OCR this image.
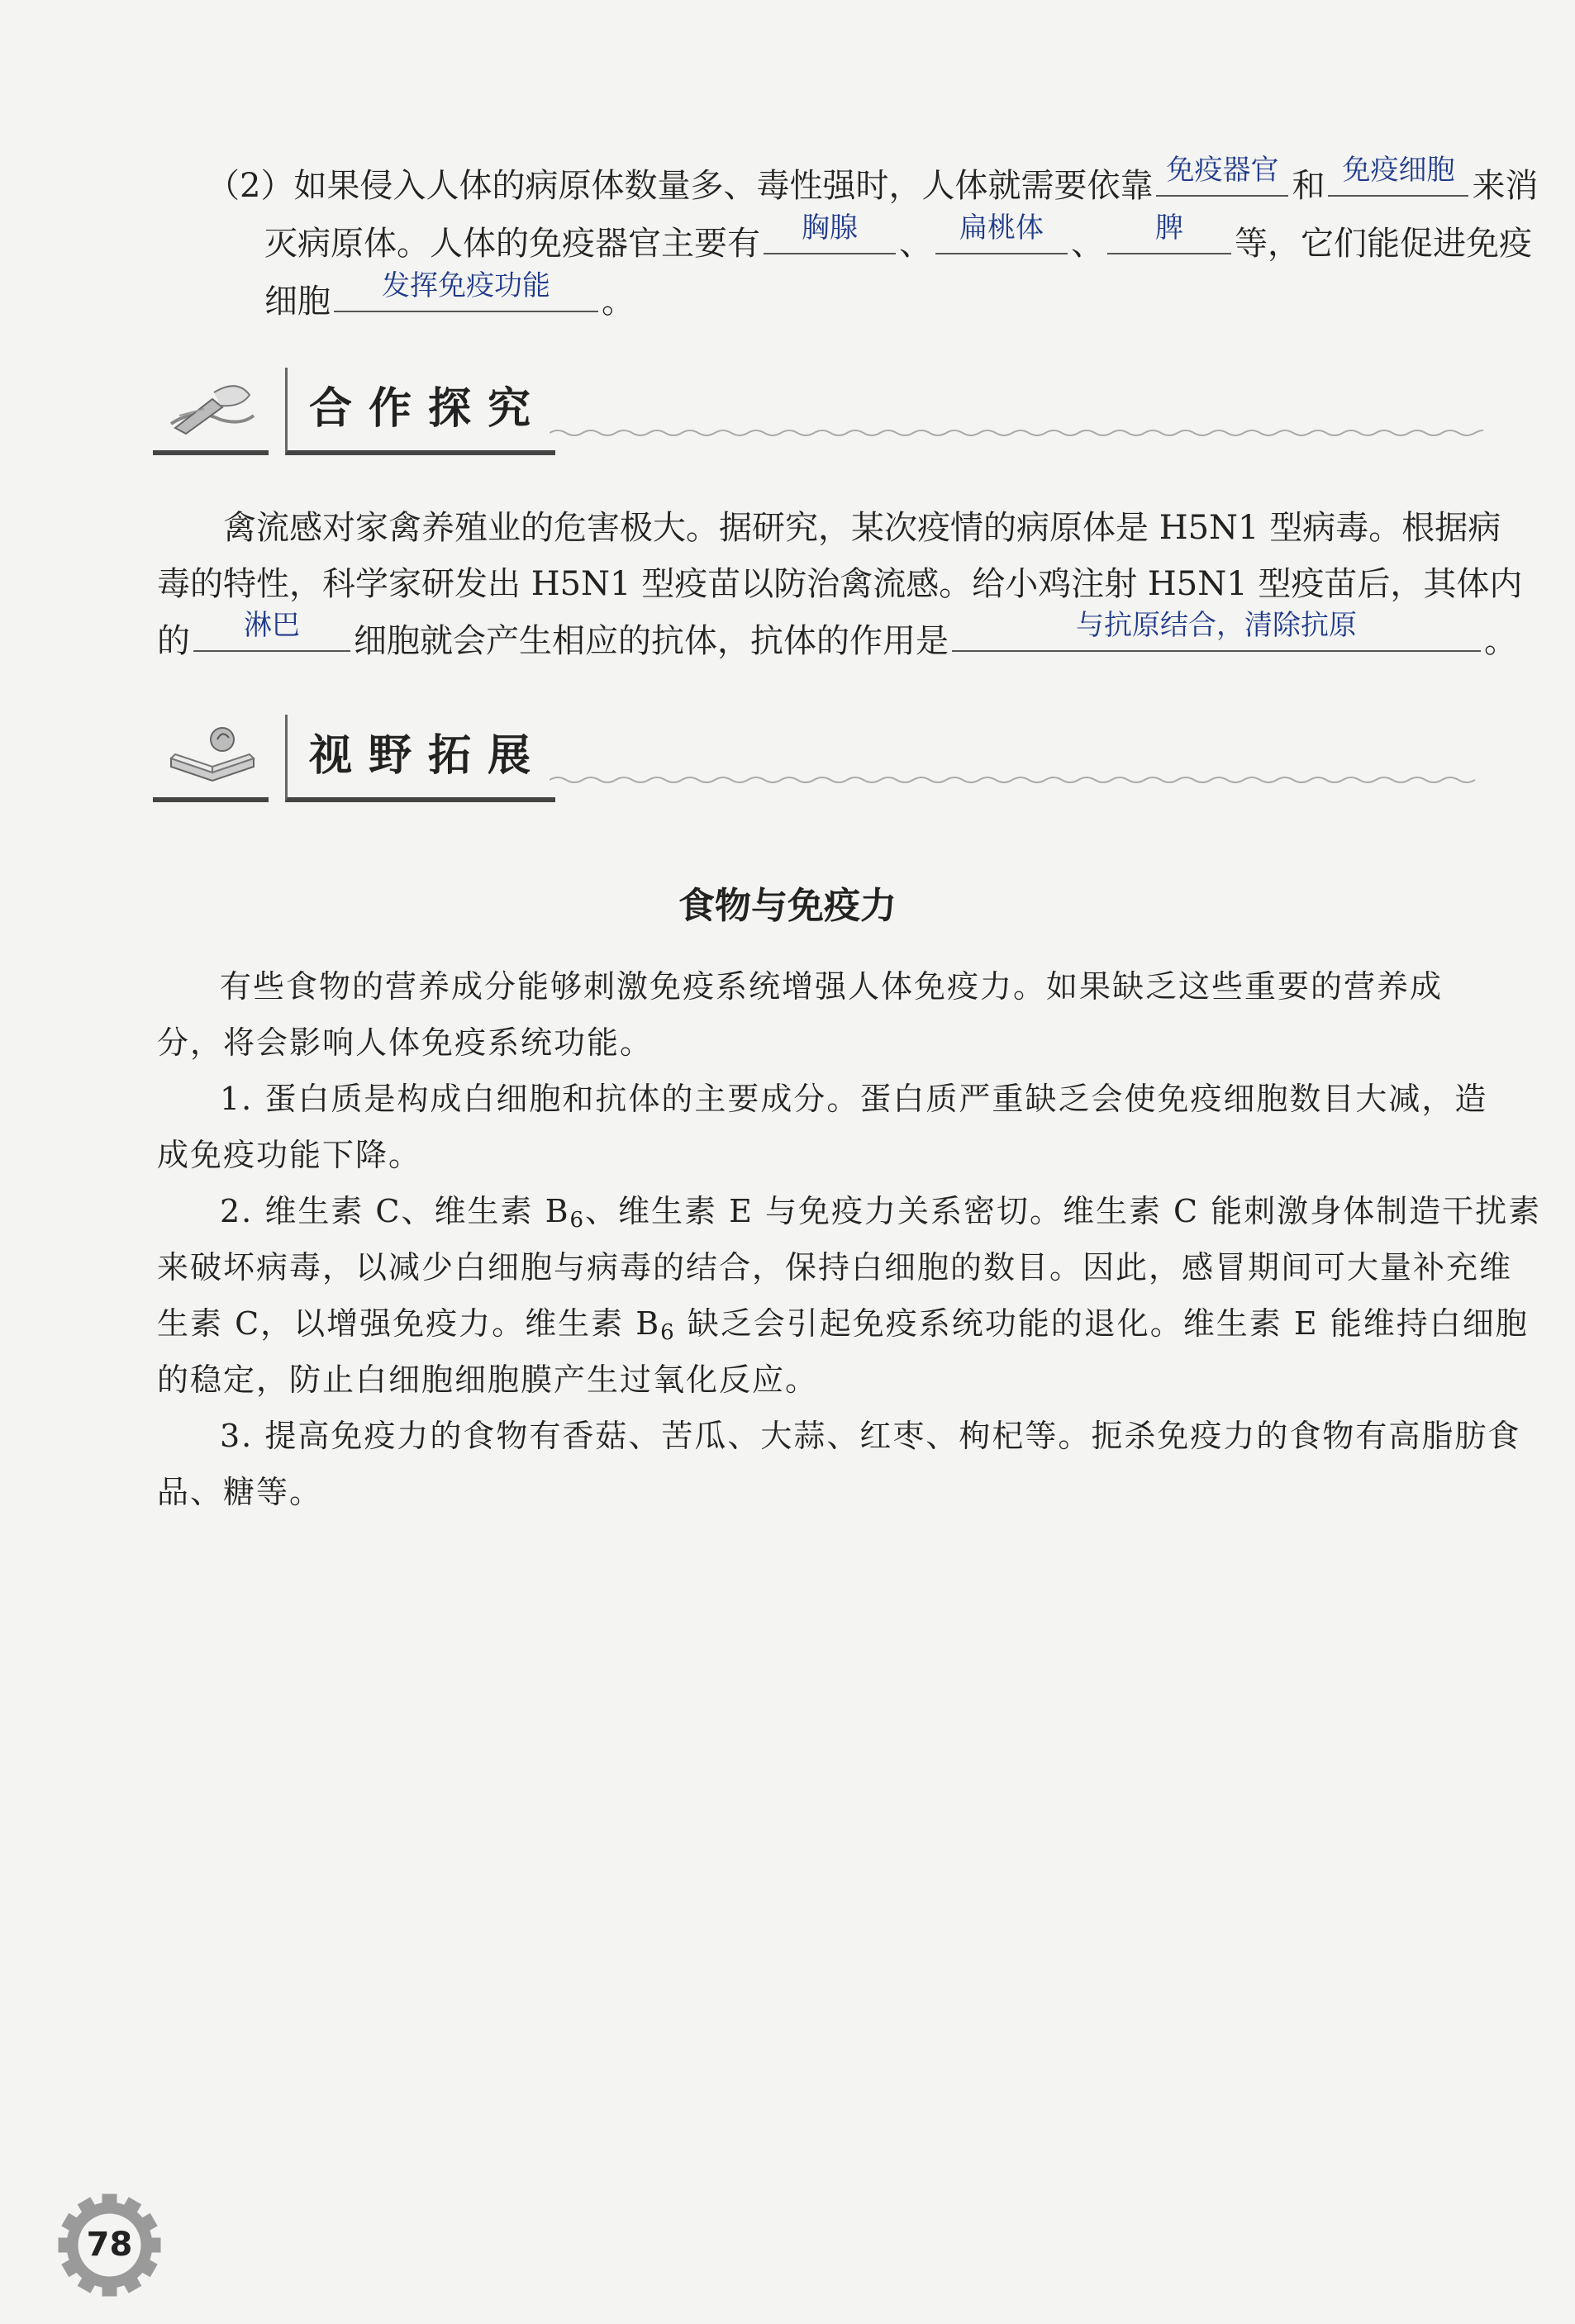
（2）如果侵入人体的病原体数量多、毒性强时，人体就需要依靠 免疫器官 和 免疫细胞 来消
灭病原体。人体的免疫器官主要有	胸腺	、 扁桃体 、	脾	等，它们能促进免疫
细胞	发挥免疫功能	。
合作探究
禽流感对家禽养殖业的危害极大。据研究，某次疫情的病原体是 H5N1 型病毒。根据病
毒的特性，科学家研发出 H5N1 型疫苗以防治禽流感。给小鸡注射 H5N1 型疫苗后，其体内
的	淋巴	细胞就会产生相应的抗体，抗体的作用是	与抗原结合，清除抗原	。
视野拓展
食物与免疫力
有些食物的营养成分能够刺激免疫系统增强人体免疫力。如果缺乏这些重要的营养成
分，将会影响人体免疫系统功能。
1. 蛋白质是构成白细胞和抗体的主要成分。蛋白质严重缺乏会使免疫细胞数目大减，造
成免疫功能下降。
2. 维生素 C、维生素 $B_6$、维生素 E 与免疫力关系密切。维生素 C 能刺激身体制造干扰素
来破坏病毒，以减少白细胞与病毒的结合，保持白细胞的数目。因此，感冒期间可大量补充维
生素 C，以增强免疫力。维生素 $B_6$ 缺乏会引起免疫系统功能的退化。维生素 E 能维持白细胞
的稳定，防止白细胞细胞膜产生过氧化反应。
3. 提高免疫力的食物有香菇、苦瓜、大蒜、红枣、枸杞等。扼杀免疫力的食物有高脂肪食
品、糖等。
78
